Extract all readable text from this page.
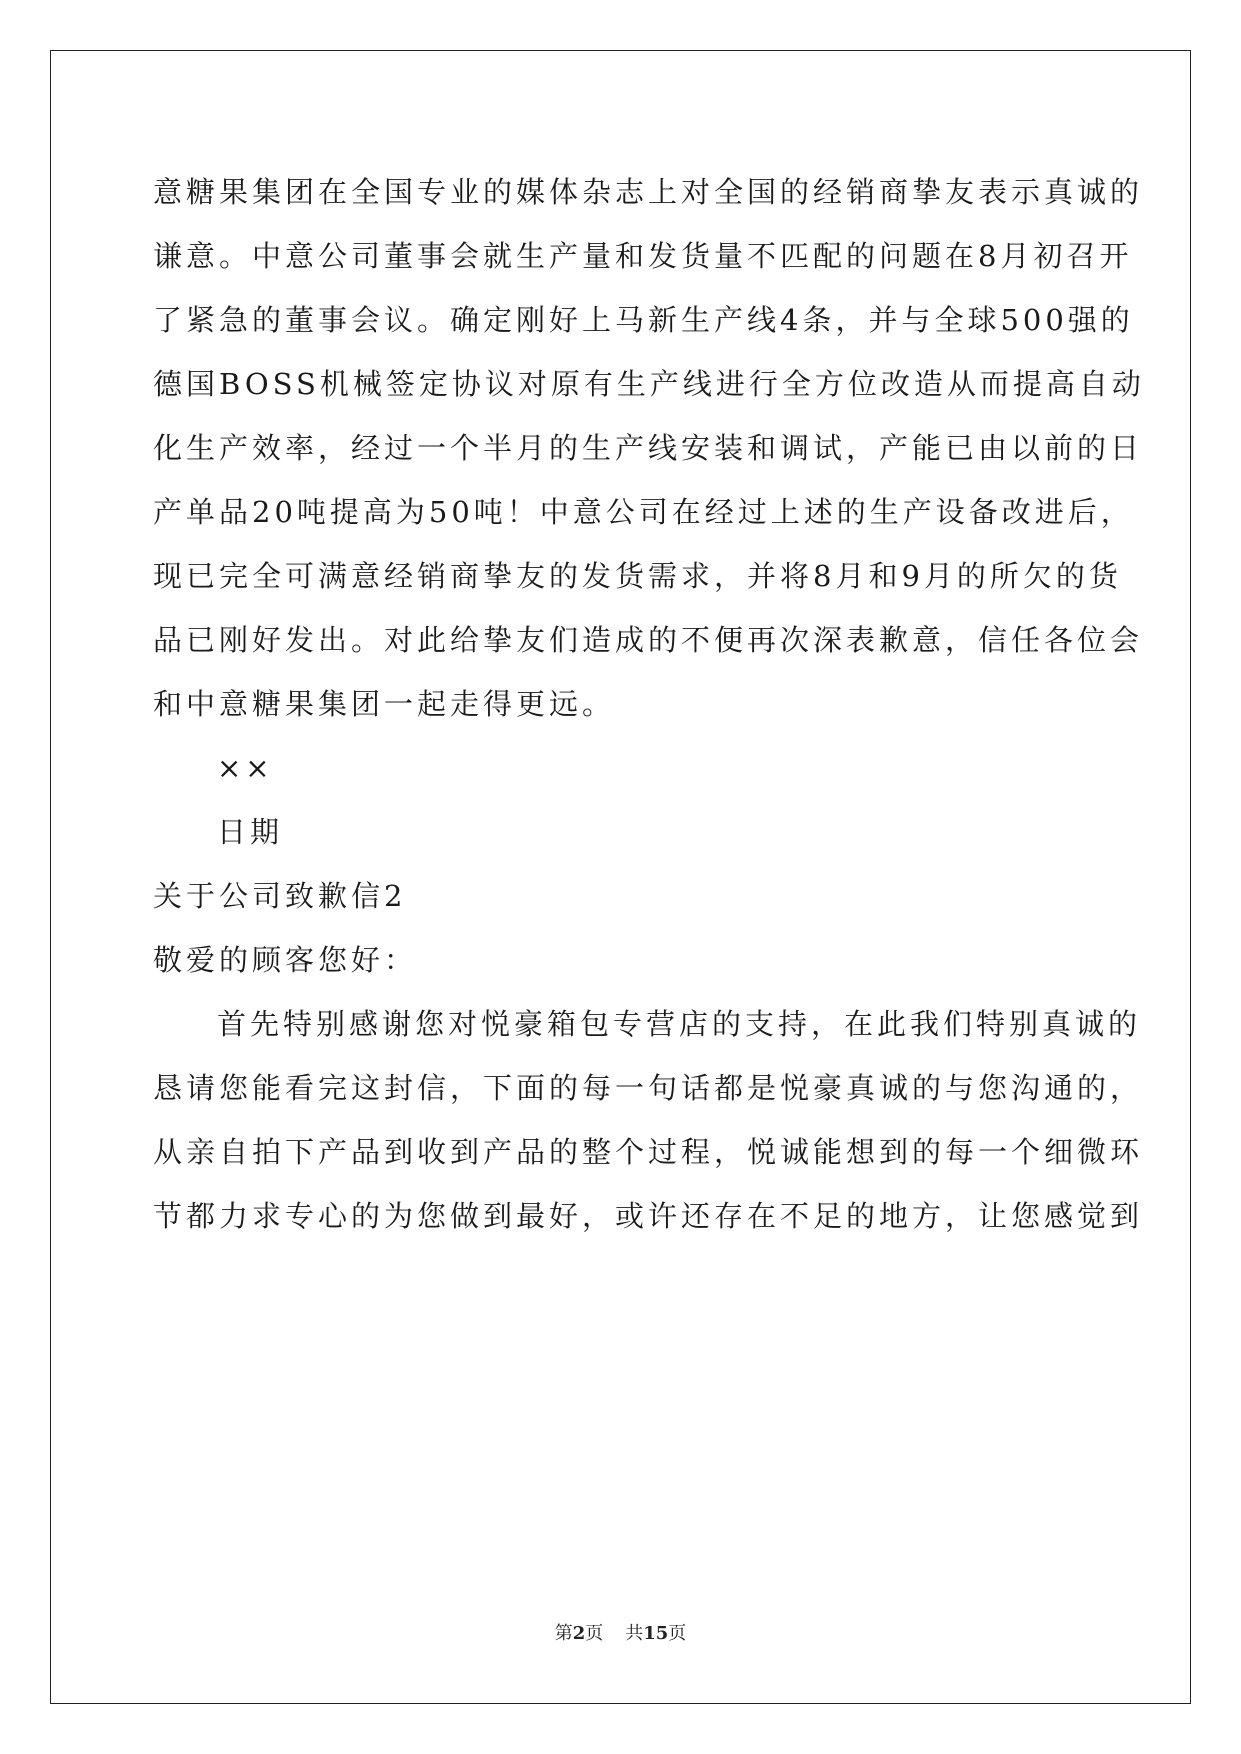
意糖果集团在全国专业的媒体杂志上对全国的经销商挚友表示真诚的
谦意。中意公司董事会就生产量和发货量不匹配的问题在8月初召开
了紧急的董事会议。确定刚好上马新生产线4条，并与全球500强的
德国BOSS机械签定协议对原有生产线进行全方位改造从而提高自动
化生产效率，经过一个半月的生产线安装和调试，产能已由以前的日
产单品20吨提高为50吨！中意公司在经过上述的生产设备改进后，
现已完全可满意经销商挚友的发货需求，并将8月和9月的所欠的货
品已刚好发出。对此给挚友们造成的不便再次深表歉意，信任各位会
和中意糖果集团一起走得更远。
××
日期
关于公司致歉信2
敬爱的顾客您好：
首先特别感谢您对悦豪箱包专营店的支持，在此我们特别真诚的
恳请您能看完这封信，下面的每一句话都是悦豪真诚的与您沟通的，
从亲自拍下产品到收到产品的整个过程，悦诚能想到的每一个细微环
节都力求专心的为您做到最好，或许还存在不足的地方，让您感觉到
第2页 共15页
